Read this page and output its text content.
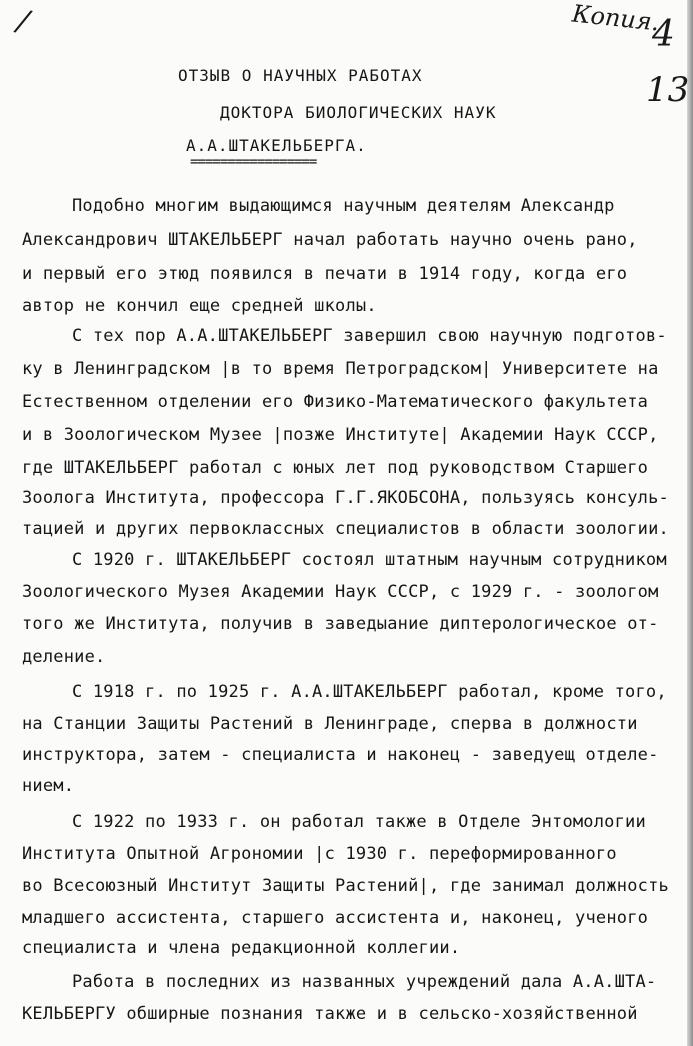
/	Копия.
4
13
ОТЗЫВ О НАУЧНЫХ РАБОТАХ
ДОКТОРА БИОЛОГИЧЕСКИХ НАУК
А.А.ШТАКЕЛЬБЕРГА.
=================
Подобно многим выдающимся научным деятелям Александр
Александрович ШТАКЕЛЬБЕРГ начал работать научно очень рано,
и первый его этюд появился в печати в 1914 году, когда его
автор не кончил еще средней школы.
С тех пор А.А.ШТАКЕЛЬБЕРГ завершил свою научную подготов-
ку в Ленинградском |в то время Петроградском| Университете на
Естественном отделении его Физико-Математического факультета
и в Зоологическом Музее |позже Институте| Академии Наук СССР,
где ШТАКЕЛЬБЕРГ работал с юных лет под руководством Старшего
Зоолога Института, профессора Г.Г.ЯКОБСОНА, пользуясь консуль-
тацией и других первоклассных специалистов в области зоологии.
С 1920 г. ШТАКЕЛЬБЕРГ состоял штатным научным сотрудником
Зоологического Музея Академии Наук СССР, с 1929 г. - зоологом
того же Института, получив в заведыание диптерологическое от-
деление.
С 1918 г. по 1925 г. А.А.ШТАКЕЛЬБЕРГ работал, кроме того,
на Станции Защиты Растений в Ленинграде, сперва в должности
инструктора, затем - специалиста и наконец - заведуещ отделе-
нием.
С 1922 по 1933 г. он работал также в Отделе Энтомологии
Института Опытной Агрономии |с 1930 г. переформированного
во Всесоюзный Институт Защиты Растений|, где занимал должность
младшего ассистента, старшего ассистента и, наконец, ученого
специалиста и члена редакционной коллегии.
Работа в последних из названных учреждений дала А.А.ШТА-
КЕЛЬБЕРГУ обширные познания также и в сельско-хозяйственной
